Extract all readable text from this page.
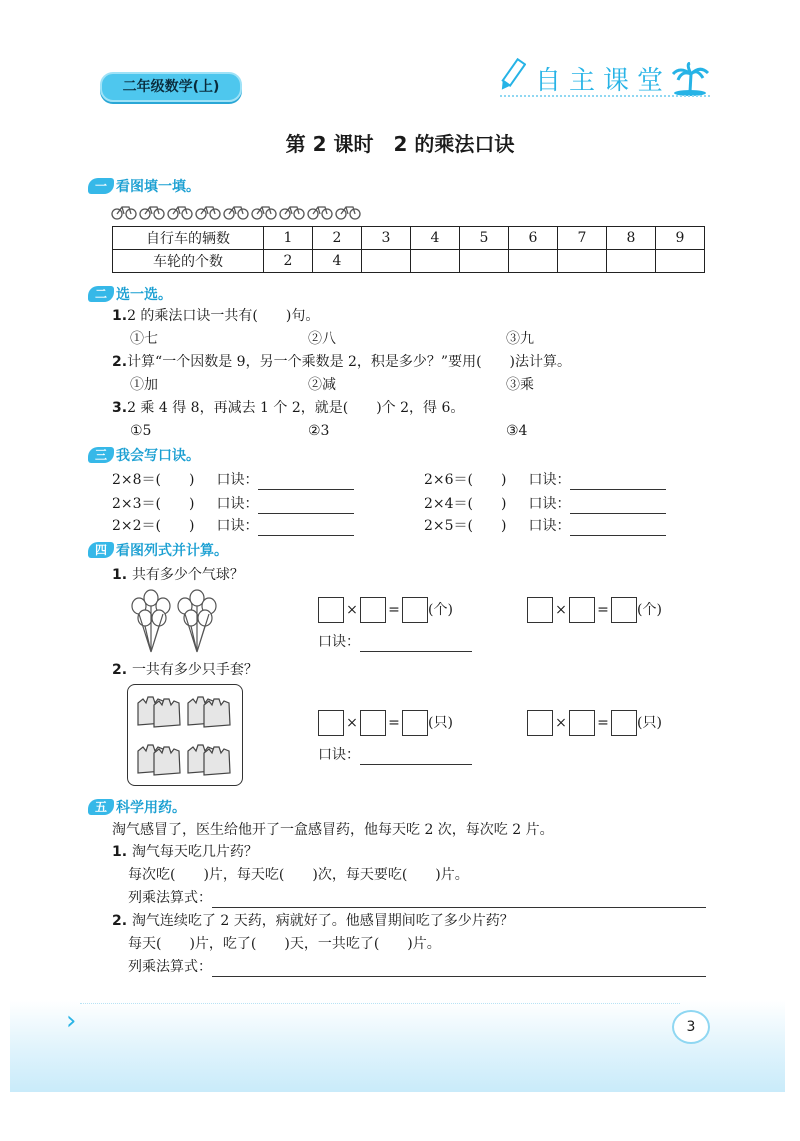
二年级数学(上)	自主课堂
第 2 课时　2 的乘法口诀
一 看图填一填。
自行车的辆数	1	2	3	4	5	6	7	8	9
车轮的个数	2	4							
二 选一选。
1.2 的乘法口诀一共有(　　)句。
①七	②八	③九
2.计算“一个因数是 9，另一个乘数是 2，积是多少？”要用(　　)法计算。
①加	②减	③乘
3.2 乘 4 得 8，再减去 1 个 2，就是(　　)个 2，得 6。
①5	②3	③4
三 我会写口诀。
2×8＝(　　) 口诀：
2×3＝(　　) 口诀：
2×2＝(　　) 口诀：
2×6＝(　　) 口诀：
2×4＝(　　) 口诀：
2×5＝(　　) 口诀：
四 看图列式并计算。
1. 共有多少个气球？
× = (个)	× = (个)
口诀：
2. 一共有多少只手套？
× = (只)	× = (只)
口诀：
五 科学用药。
淘气感冒了，医生给他开了一盒感冒药，他每天吃 2 次，每次吃 2 片。
1. 淘气每天吃几片药？
每次吃(　　)片，每天吃(　　)次，每天要吃(　　)片。
列乘法算式：
2. 淘气连续吃了 2 天药，病就好了。他感冒期间吃了多少片药？
每天(　　)片，吃了(　　)天，一共吃了(　　)片。
列乘法算式：
›	3
